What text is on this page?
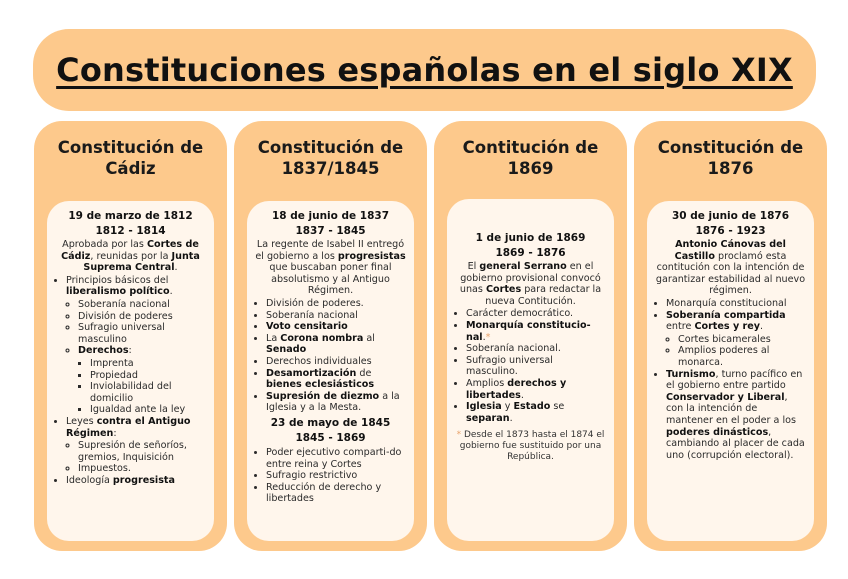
Constituciones españolas en el siglo XIX
Constitución de
Cádiz
19 de marzo de 1812
1812 - 1814
Aprobada por las Cortes de Cádiz, reunidas por la Junta Suprema Central.
• Principios básicos del liberalismo político.
◦ Soberanía nacional
◦ División de poderes
◦ Sufragio universal masculino
◦ Derechos:
▪ Imprenta
▪ Propiedad
▪ Inviolabilidad del domicilio
▪ Igualdad ante la ley
• Leyes contra el Antiguo Régimen:
◦ Supresión de señoríos, gremios, Inquisición
◦ Impuestos.
• Ideología progresista
Constitución de
1837/1845
18 de junio de 1837
1837 - 1845
La regente de Isabel II entregó el gobierno a los progresistas que buscaban poner final absolutismo y al Antiguo Régimen.
• División de poderes.
• Soberanía nacional
• Voto censitario
• La Corona nombra al Senado
• Derechos individuales
• Desamortización de bienes eclesiásticos
• Supresión de diezmo a la Iglesia y a la Mesta.
23 de mayo de 1845
1845 - 1869
• Poder ejecutivo comparti-do entre reina y Cortes
• Sufragio restrictivo
• Reducción de derecho y libertades
Contitución de
1869
1 de junio de 1869
1869 - 1876
El general Serrano en el gobierno provisional convocó unas Cortes para redactar la nueva Contitución.
• Carácter democrático.
• Monarquía constitucio-nal.*
• Soberanía nacional.
• Sufragio universal masculino.
• Amplios derechos y libertades.
• Iglesia y Estado se separan.
* Desde el 1873 hasta el 1874 el gobierno fue sustituido por una República.
Constitución de
1876
30 de junio de 1876
1876 - 1923
Antonio Cánovas del Castillo proclamó esta contitución con la intención de garantizar estabilidad al nuevo régimen.
• Monarquía constitucional
• Soberanía compartida entre Cortes y rey.
◦ Cortes bicamerales
◦ Amplios poderes al monarca.
• Turnismo, turno pacífico en el gobierno entre partido Conservador y Liberal, con la intención de mantener en el poder a los poderes dinásticos, cambiando al placer de cada uno (corrupción electoral).
